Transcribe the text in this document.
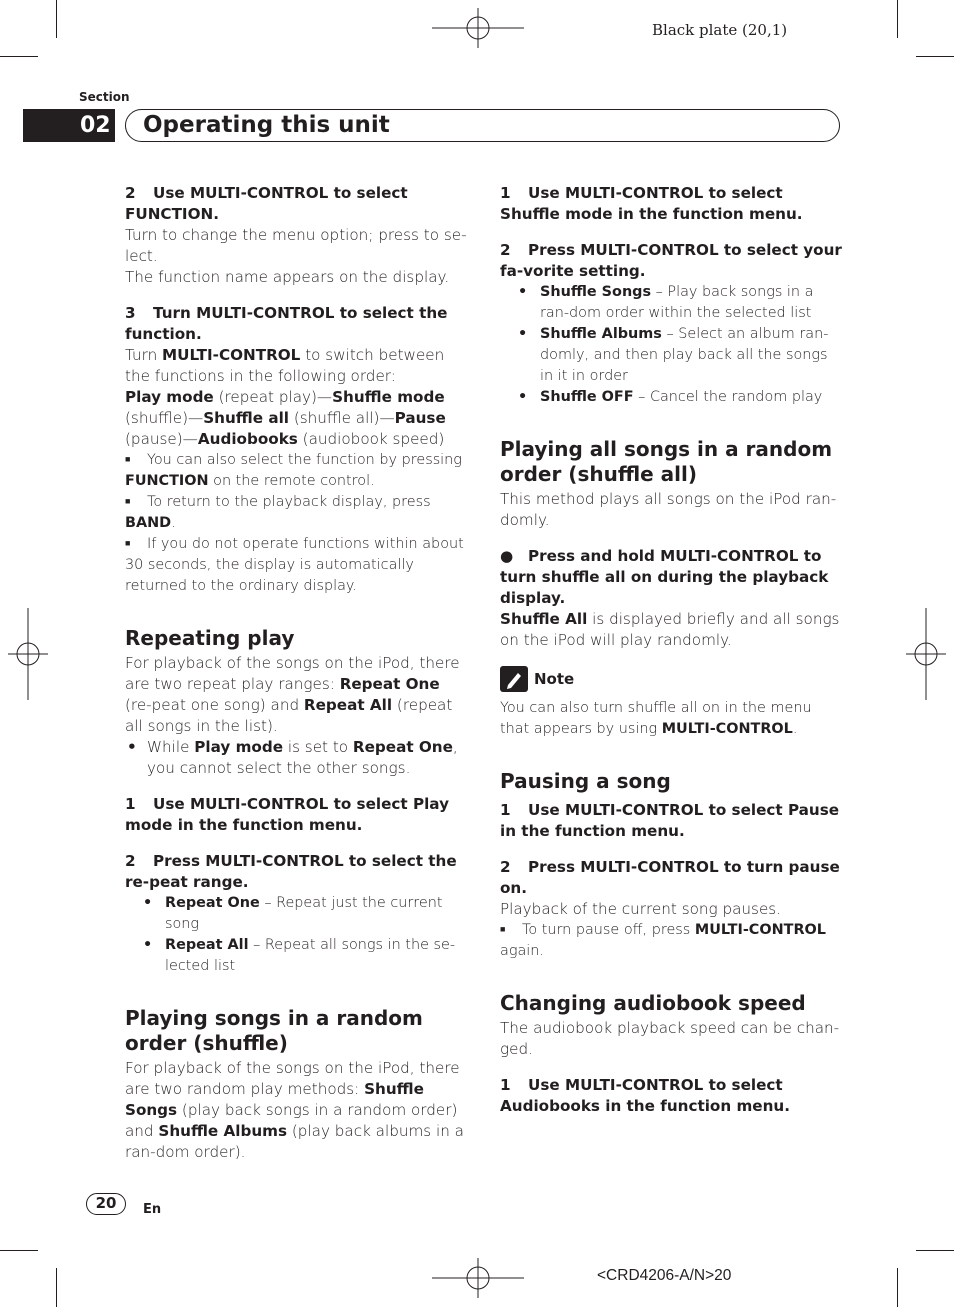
Black plate (20,1)
Section
02	Operating this unit
2 Use MULTI-CONTROL to select FUNCTION.

Turn to change the menu option; press to se-lect.

The function name appears on the display.

3 Turn MULTI-CONTROL to select the function.

Turn MULTI-CONTROL to switch between the functions in the following order:

Play mode (repeat play)—Shuffle mode (shuffle)—Shuffle all (shuffle all)—Pause (pause)—Audiobooks (audiobook speed)

■ You can also select the function by pressing FUNCTION on the remote control.

■ To return to the playback display, press BAND.

■ If you do not operate functions within about 30 seconds, the display is automatically returned to the ordinary display.

Repeating play

For playback of the songs on the iPod, there are two repeat play ranges: Repeat One (re-peat one song) and Repeat All (repeat all songs in the list).

• While Play mode is set to Repeat One, you cannot select the other songs.
1 Use MULTI-CONTROL to select Play mode in the function menu.
2 Press MULTI-CONTROL to select the re-peat range.
• Repeat One – Repeat just the current song
• Repeat All – Repeat all songs in the se-lected list
Playing songs in a random order (shuffle)

For playback of the songs on the iPod, there are two random play methods: Shuffle Songs (play back songs in a random order) and Shuffle Albums (play back albums in a ran-dom order).

1 Use MULTI-CONTROL to select Shuffle mode in the function menu.
2 Press MULTI-CONTROL to select your fa-vorite setting.
• Shuffle Songs – Play back songs in a ran-dom order within the selected list
• Shuffle Albums – Select an album ran-domly, and then play back all the songs in it in order
• Shuffle OFF – Cancel the random play
Playing all songs in a random order (shuffle all)

This method plays all songs on the iPod ran-domly.

● Press and hold MULTI-CONTROL to turn shuffle all on during the playback display.

Shuffle All is displayed briefly and all songs on the iPod will play randomly.

Note

You can also turn shuffle all on in the menu that appears by using MULTI-CONTROL.

Pausing a song
1 Use MULTI-CONTROL to select Pause in the function menu.
2 Press MULTI-CONTROL to turn pause on.

Playback of the current song pauses.

■ To turn pause off, press MULTI-CONTROL again.

Changing audiobook speed

The audiobook playback speed can be chan-ged.

1 Use MULTI-CONTROL to select Audiobooks in the function menu.
20	En
<CRD4206-A/N>20
